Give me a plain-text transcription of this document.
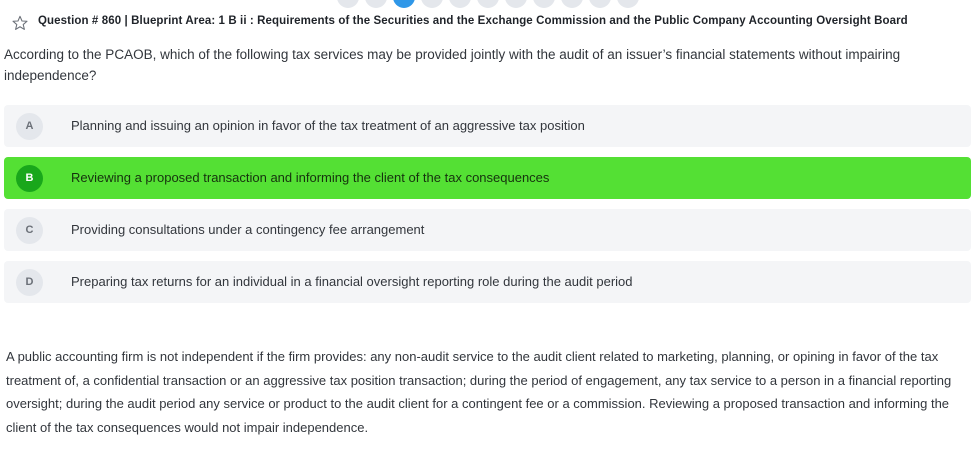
Question # 860 | Blueprint Area: 1 B ii : Requirements of the Securities and the Exchange Commission and the Public Company Accounting Oversight Board
According to the PCAOB, which of the following tax services may be provided jointly with the audit of an issuer’s financial statements without impairing independence?
A	Planning and issuing an opinion in favor of the tax treatment of an aggressive tax position
B	Reviewing a proposed transaction and informing the client of the tax consequences
C	Providing consultations under a contingency fee arrangement
D	Preparing tax returns for an individual in a financial oversight reporting role during the audit period
A public accounting firm is not independent if the firm provides: any non-audit service to the audit client related to marketing, planning, or opining in favor of the tax treatment of, a confidential transaction or an aggressive tax position transaction; during the period of engagement, any tax service to a person in a financial reporting oversight; during the audit period any service or product to the audit client for a contingent fee or a commission. Reviewing a proposed transaction and informing the client of the tax consequences would not impair independence.
